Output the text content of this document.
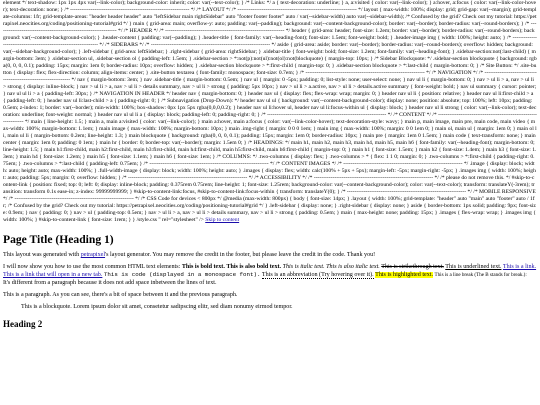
element */ text-shadow: 1px 1px 4px var(--link-color); background-color: inherit; color: var(--text-color); } /* Links: */ a { text-decoration: underline; } a, a:visited { color: var(--link-color); } a:hover, a:focus { color: var(--link-color-hover); text-decoration: none; } /* ---------------------------------------------------------------- */ /* LAYOUT */ /* ---------------------------------------------------------------- */ layout { max-width: 100%; display: grid; grid-gap: var(--margin); grid-template-columns: 1fr; grid-template-areas: "header header header" auto "leftSidebar main rightSidebar" auto "footer footer footer" auto / var(--sidebar-width) auto var(--sidebar-width); /* Confused by the grid? Check out my tutorial: https://petrapixel.neocities.org/coding/positioning-tutorial#grid */ } main { grid-area: main; overflow-y: auto; padding: var(--padding); background: var(--content-background-color); border: var(--border); border-radius: var(--round-borders); } /* ---------------------------------------------------------------- */ /* HEADER */ /* ---------------------------------------------------------------- */ header { grid-area: header; font-size: 1.2em; border: var(--border); border-radius: var(--round-borders); background: var(--content-background-color); } .header-content { padding: var(--padding); } .header-title { font-family: var(--heading-font); font-size: 1.5em; font-weight: bold; } .header-image img { width: 100%; height: auto; } /* ---------------------------------------------------------------- */ /* SIDEBARS */ /* ---------------------------------------------------------------- */ aside { grid-area: aside; border: var(--border); border-radius: var(--round-borders); overflow: hidden; background: var(--sidebar-background-color); } .left-sidebar { grid-area: leftSidebar; } .right-sidebar { grid-area: rightSidebar; } .sidebar-title { font-weight: bold; font-size: 1.2em; font-family: var(--heading-font); } .sidebar-section:not(:last-child) { margin-bottom: 3em; } .sidebar-section ul, .sidebar-section ol { padding-left: 1.5em; } .sidebar-section > *:not(p):not(ul):not(ol):not(blockquote) { margin-top: 10px; } /* Sidebar Blockquote: */ .sidebar-section blockquote { background: rgba(0, 0, 0, 0.1); padding: 15px; margin: 1em 0; border-radius: 10px; overflow: hidden; } .sidebar-section blockquote > *:first-child { margin-top: 0; } .sidebar-section blockquote > *:last-child { margin-bottom: 0; } /* Site Button: */ .site-button { display: flex; flex-direction: column; align-items: center; } .site-button textarea { font-family: monospace; font-size: 0.7em; } /* ---------------------------------------------------------------- */ /* NAVIGATION */ /* ---------------------------------------------------------------- */ nav { margin-bottom: 3em; } nav .sidebar-title { margin-bottom: 0.5em; } nav ul { margin: 0 -5px; padding: 0; list-style: none; user-select: none; } nav ul li { margin-bottom: 0; } nav > ul li > a, nav > ul li > strong { display: inline-block; } nav > ul li > a, nav > ul li > details summary, nav > ul li > strong { padding: 5px 10px; } nav > ul li > a.active, nav > ul li > details.active summary { font-weight: bold; } nav ul summary { cursor: pointer; } nav ul ul li > a { padding-left: 30px; } /* NAVIGATION IN HEADER */ header nav { margin-bottom: 0; } header nav ul { display: flex; flex-wrap: wrap; margin: 0; } header nav ul li { position: relative; } header nav ul li:first-child > a { padding-left: 0; } header nav ul li:last-child > a { padding-right: 0; } /* Subnavigation (Drop-Down): */ header nav ul ul { background: var(--content-background-color); display: none; position: absolute; top: 100%; left: 10px; padding: 0.5em; z-index: 1; border: var(--border); min-width: 100%; box-shadow: 0px 1px 5px rgba(0,0,0,0.2); } header nav ul li:hover ul, header nav ul li:focus-within ul { display: block; } header nav ul li strong { color: var(--link-color); text-decoration: underline; font-weight: normal; } header nav ul ul li a { display: block; padding-left: 0; padding-right: 0; } /* ---------------------------------------------------------------- */ /* CONTENT */ /* ---------------------------------------------------------------- */ main { line-height: 1.5; } main a, main a:visited { color: var(--link-color); } main a:hover, main a:focus { color: var(--link-color-hover); text-decoration-style: wavy; } main p, main image, main pre, main code, main video { max-width: 100%; margin-bottom: 1.1em; } main image { max-width: 100%; margin-bottom: 10px; } main .img-right { margin: 0 0 0 1em; } main img { max-width: 100%; margin: 0 0 1em 0; } main ol, main ul { margin: 1em 0; } main ol li, main ul li { margin-bottom: 0.2em; line-height: 1.3; } main blockquote { background: rgba(0, 0, 0, 0.1); padding: 15px; margin: 1em 0; border-radius: 10px; } main pre { margin: 1em 0 1.5em; } main code { text-transform: none; } main center { margin: 1em 0; padding: 0 1em; } main hr { border: 0; border-top: var(--border); margin: 1.5em 0; } /* HEADINGS: */ main h1, main h2, main h3, main h4, main h5, main h6 { font-family: var(--heading-font); margin-bottom: 0; line-height: 1.5; } main h1:first-child, main h2:first-child, main h3:first-child, main h4:first-child, main h5:first-child, main h6:first-child { margin-top: 0; } main h1 { font-size: 1.5em; } main h2 { font-size: 1.4em; } main h3 { font-size: 1.3em; } main h4 { font-size: 1.2em; } main h5 { font-size: 1.1em; } main h6 { font-size: 1em; } /* COLUMNS: */ .two-columns { display: flex; } .two-columns > * { flex: 1 1 0; margin: 0; } .two-columns > *:first-child { padding-right: 0.75em; } .two-columns > *:last-child { padding-left: 0.75em; } /* ---------------------------------------------------------------- */ /* CONTENT IMAGES */ /* ---------------------------------------------------------------- */ .image { display: block; width: auto; height: auto; max-width: 100%; } .full-width-image { display: block; width: 100%; height: auto; } .images { display: flex; width: calc(100% + 5px + 5px); margin-left: -5px; margin-right: -5px; } .images img { width: 100%; height: auto; padding: 5px; margin: 0; overflow: hidden; } /* ---------------------------------------------------------------- */ /* ACCESSIBILITY */ /* ---------------------------------------------------------------- */ /* please do not remove this. */ #skip-to-content-link { position: fixed; top: 0; left: 0; display: inline-block; padding: 0.375rem 0.75rem; line-height: 1; font-size: 1.25rem; background-color: var(--content-background-color); color: var(--text-color); transform: translateY(-3rem); transition: transform 0.1s ease-in; z-index: 99999999999; } #skip-to-content-link:focus, #skip-to-content-link:focus-within { transform: translateY(0); } /* ---------------------------------------------------------------- */ /* MOBILE RESPONSIVE */ /* ---------------------------------------------------------------- */ /* CSS Code for devices < 800px */ @media (max-width: 800px) { body { font-size: 14px; } .layout { width: 100%; grid-template: "header" auto "main" auto "footer" auto / 1fr; /* Confused by the grid? Check out my tutorial: https://petrapixel.neocities.org/coding/positioning-tutorial#grid */ } .left-sidebar { display: none; } .right-sidebar { display: none; } aside { border-bottom: 1px solid; padding: 9px; font-size: 0.9em; } nav { padding: 0; } nav > ul { padding-top: 0.5em; } nav > ul li > a, nav > ul li > details summary, nav > ul li > strong { padding: 0.5em; } main { max-height: none; padding: 15px; } .images { flex-wrap: wrap; } .images img { width: 100%; } #skip-to-content-link { font-size: 1rem; } } /style.css " rel="stylesheet" /> Skip to content

Page Title (Heading 1)

This layout was generated with petrapixel's layout generator. You may remove the credit in the footer, but please leave the credit in the code. Thank you!

I will now show you how to use the most common HTML text elements: This is bold text. This is also bold text. This is italic text. This is also italic text. This is strikethrough text. This is underlined text. This is a link. This is a link that will open in a new tab. This is code (displayed in a monospace font). This is an abbreviation (Try hovering over it). This is highlighted text. This is a line break (The B stands for break.):
It's different from a paragraph because it does not add space inbetween the lines of text.

This is a paragraph. As you can see, there's a bit of space between it and the previous paragraph.

This is a blockquote. Lorem ipsum dolor sit amet, consetetur sadipscing elitr, sed diam nonumy eirmod tempor.
Heading 2
